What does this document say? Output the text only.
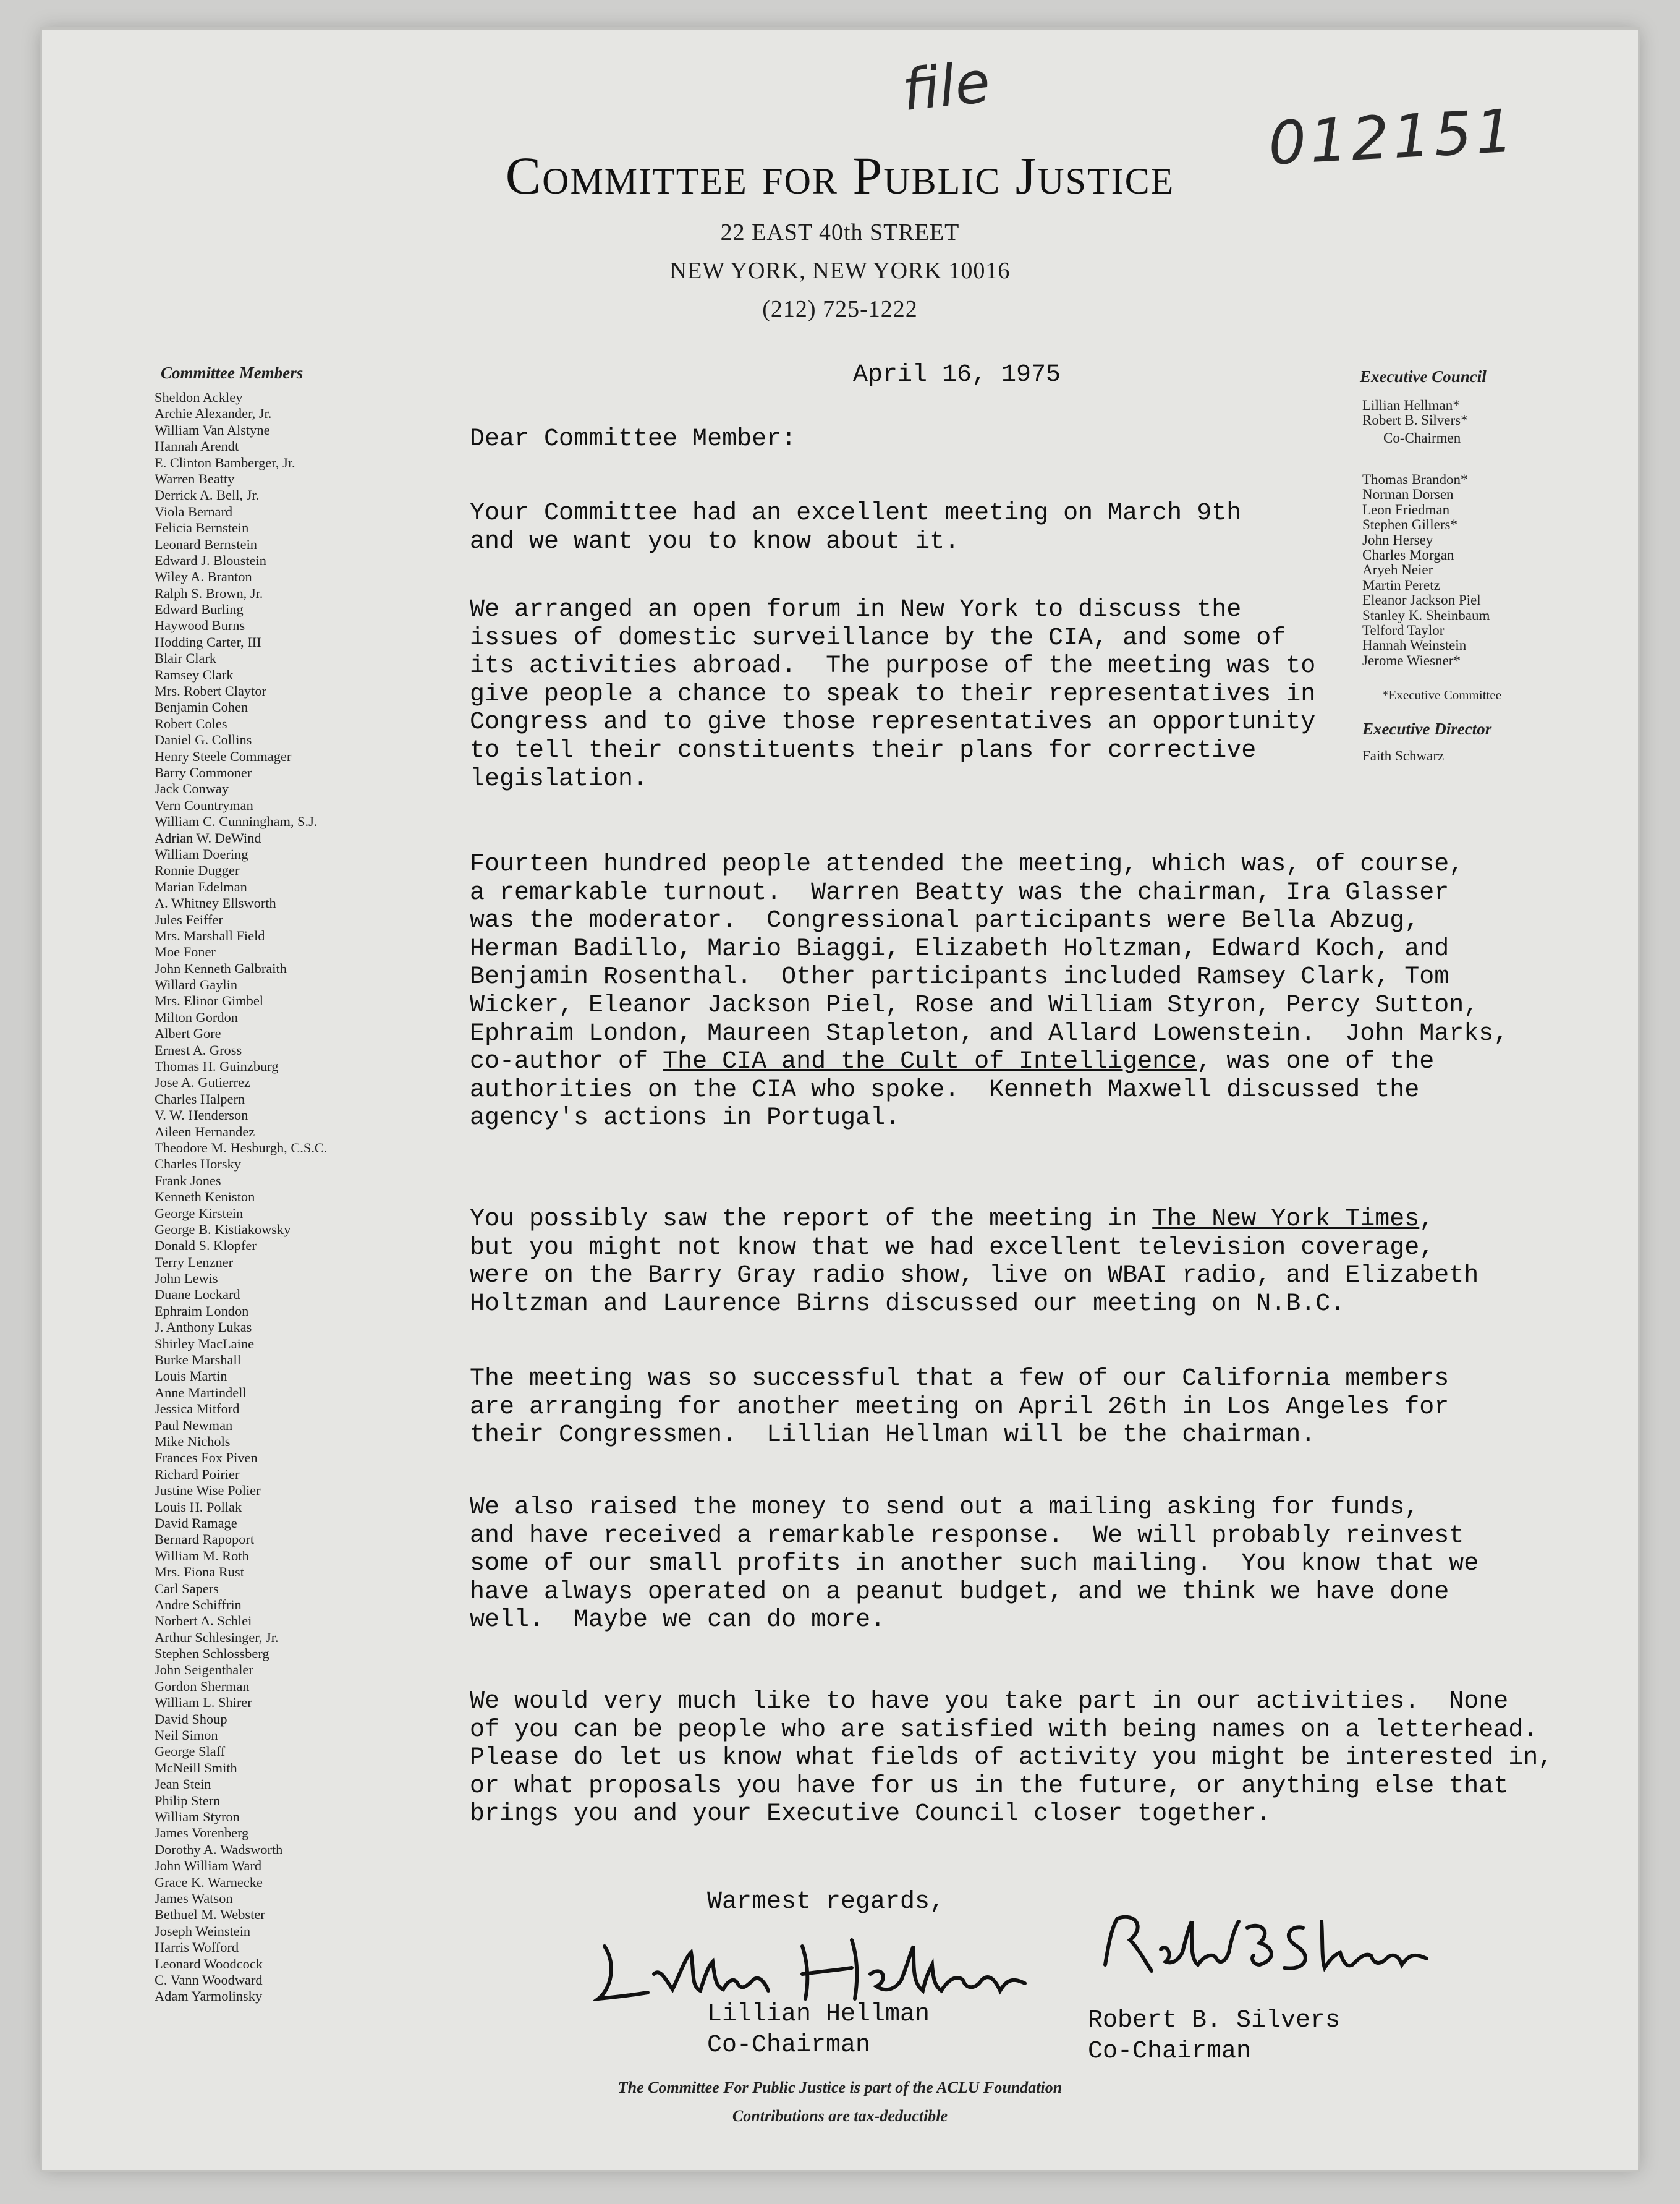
file
012151
Committee for Public Justice
22 EAST 40th STREET
NEW YORK, NEW YORK 10016
(212) 725-1222
April 16, 1975
Committee Members
Sheldon Ackley
Archie Alexander, Jr.
William Van Alstyne
Hannah Arendt
E. Clinton Bamberger, Jr.
Warren Beatty
Derrick A. Bell, Jr.
Viola Bernard
Felicia Bernstein
Leonard Bernstein
Edward J. Bloustein
Wiley A. Branton
Ralph S. Brown, Jr.
Edward Burling
Haywood Burns
Hodding Carter, III
Blair Clark
Ramsey Clark
Mrs. Robert Claytor
Benjamin Cohen
Robert Coles
Daniel G. Collins
Henry Steele Commager
Barry Commoner
Jack Conway
Vern Countryman
William C. Cunningham, S.J.
Adrian W. DeWind
William Doering
Ronnie Dugger
Marian Edelman
A. Whitney Ellsworth
Jules Feiffer
Mrs. Marshall Field
Moe Foner
John Kenneth Galbraith
Willard Gaylin
Mrs. Elinor Gimbel
Milton Gordon
Albert Gore
Ernest A. Gross
Thomas H. Guinzburg
Jose A. Gutierrez
Charles Halpern
V. W. Henderson
Aileen Hernandez
Theodore M. Hesburgh, C.S.C.
Charles Horsky
Frank Jones
Kenneth Keniston
George Kirstein
George B. Kistiakowsky
Donald S. Klopfer
Terry Lenzner
John Lewis
Duane Lockard
Ephraim London
J. Anthony Lukas
Shirley MacLaine
Burke Marshall
Louis Martin
Anne Martindell
Jessica Mitford
Paul Newman
Mike Nichols
Frances Fox Piven
Richard Poirier
Justine Wise Polier
Louis H. Pollak
David Ramage
Bernard Rapoport
William M. Roth
Mrs. Fiona Rust
Carl Sapers
Andre Schiffrin
Norbert A. Schlei
Arthur Schlesinger, Jr.
Stephen Schlossberg
John Seigenthaler
Gordon Sherman
William L. Shirer
David Shoup
Neil Simon
George Slaff
McNeill Smith
Jean Stein
Philip Stern
William Styron
James Vorenberg
Dorothy A. Wadsworth
John William Ward
Grace K. Warnecke
James Watson
Bethuel M. Webster
Joseph Weinstein
Harris Wofford
Leonard Woodcock
C. Vann Woodward
Adam Yarmolinsky
Executive Council
Lillian Hellman*
Robert B. Silvers*
Co-Chairmen
Thomas Brandon*
Norman Dorsen
Leon Friedman
Stephen Gillers*
John Hersey
Charles Morgan
Aryeh Neier
Martin Peretz
Eleanor Jackson Piel
Stanley K. Sheinbaum
Telford Taylor
Hannah Weinstein
Jerome Wiesner*
*Executive Committee
Executive Director
Faith Schwarz
Dear Committee Member:

Your Committee had an excellent meeting on March 9th
and we want you to know about it.

We arranged an open forum in New York to discuss the
issues of domestic surveillance by the CIA, and some of
its activities abroad.  The purpose of the meeting was to
give people a chance to speak to their representatives in
Congress and to give those representatives an opportunity
to tell their constituents their plans for corrective
legislation.

Fourteen hundred people attended the meeting, which was, of course,
a remarkable turnout.  Warren Beatty was the chairman, Ira Glasser
was the moderator.  Congressional participants were Bella Abzug,
Herman Badillo, Mario Biaggi, Elizabeth Holtzman, Edward Koch, and
Benjamin Rosenthal.  Other participants included Ramsey Clark, Tom
Wicker, Eleanor Jackson Piel, Rose and William Styron, Percy Sutton,
Ephraim London, Maureen Stapleton, and Allard Lowenstein.  John Marks,
co-author of The CIA and the Cult of Intelligence, was one of the
authorities on the CIA who spoke.  Kenneth Maxwell discussed the
agency's actions in Portugal.

You possibly saw the report of the meeting in The New York Times,
but you might not know that we had excellent television coverage,
were on the Barry Gray radio show, live on WBAI radio, and Elizabeth
Holtzman and Laurence Birns discussed our meeting on N.B.C.

The meeting was so successful that a few of our California members
are arranging for another meeting on April 26th in Los Angeles for
their Congressmen.  Lillian Hellman will be the chairman.

We also raised the money to send out a mailing asking for funds,
and have received a remarkable response.  We will probably reinvest
some of our small profits in another such mailing.  You know that we
have always operated on a peanut budget, and we think we have done
well.  Maybe we can do more.

We would very much like to have you take part in our activities.  None
of you can be people who are satisfied with being names on a letterhead.
Please do let us know what fields of activity you might be interested in,
or what proposals you have for us in the future, or anything else that
brings you and your Executive Council closer together.

Warmest regards,
Lillian Hellman
Co-Chairman
Robert B. Silvers
Co-Chairman
The Committee For Public Justice is part of the ACLU Foundation
Contributions are tax-deductible
